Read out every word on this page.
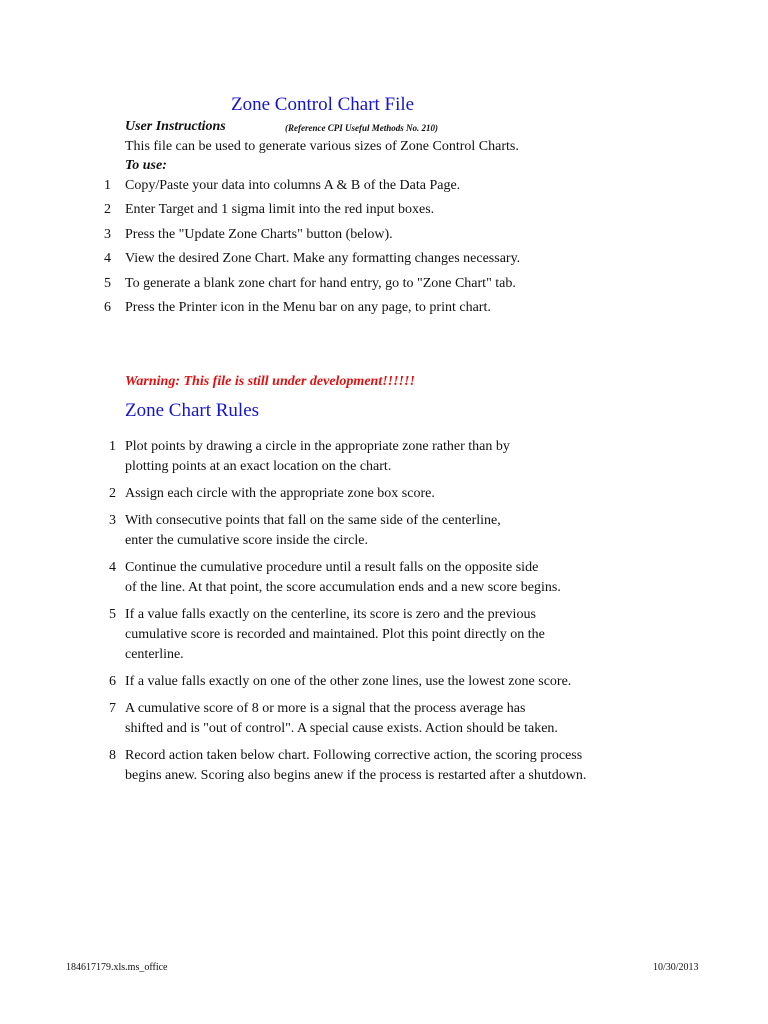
Zone Control Chart File
User Instructions	(Reference CPI Useful Methods No. 210)
This file can be used to generate various sizes of Zone Control Charts.
To use:
1	Copy/Paste your data into columns A & B of the Data Page.
2	Enter Target and 1 sigma limit into the red input boxes.
3	Press the "Update Zone Charts" button (below).
4	View the desired Zone Chart. Make any formatting changes necessary.
5	To generate a blank zone chart for hand entry, go to "Zone Chart" tab.
6	Press the Printer icon in the Menu bar on any page, to print chart.
Warning: This file is still under development!!!!!!
Zone Chart Rules
1 Plot points by drawing a circle in the appropriate zone rather than by
plotting points at an exact location on the chart.
2 Assign each circle with the appropriate zone box score.
3 With consecutive points that fall on the same side of the centerline,
enter the cumulative score inside the circle.
4 Continue the cumulative procedure until a result falls on the opposite side
of the line. At that point, the score accumulation ends and a new score begins.
5 If a value falls exactly on the centerline, its score is zero and the previous
cumulative score is recorded and maintained. Plot this point directly on the
centerline.
6 If a value falls exactly on one of the other zone lines, use the lowest zone score.
7 A cumulative score of 8 or more is a signal that the process average has
shifted and is "out of control". A special cause exists. Action should be taken.
8 Record action taken below chart. Following corrective action, the scoring process
begins anew. Scoring also begins anew if the process is restarted after a shutdown.
184617179.xls.ms_office	10/30/2013
